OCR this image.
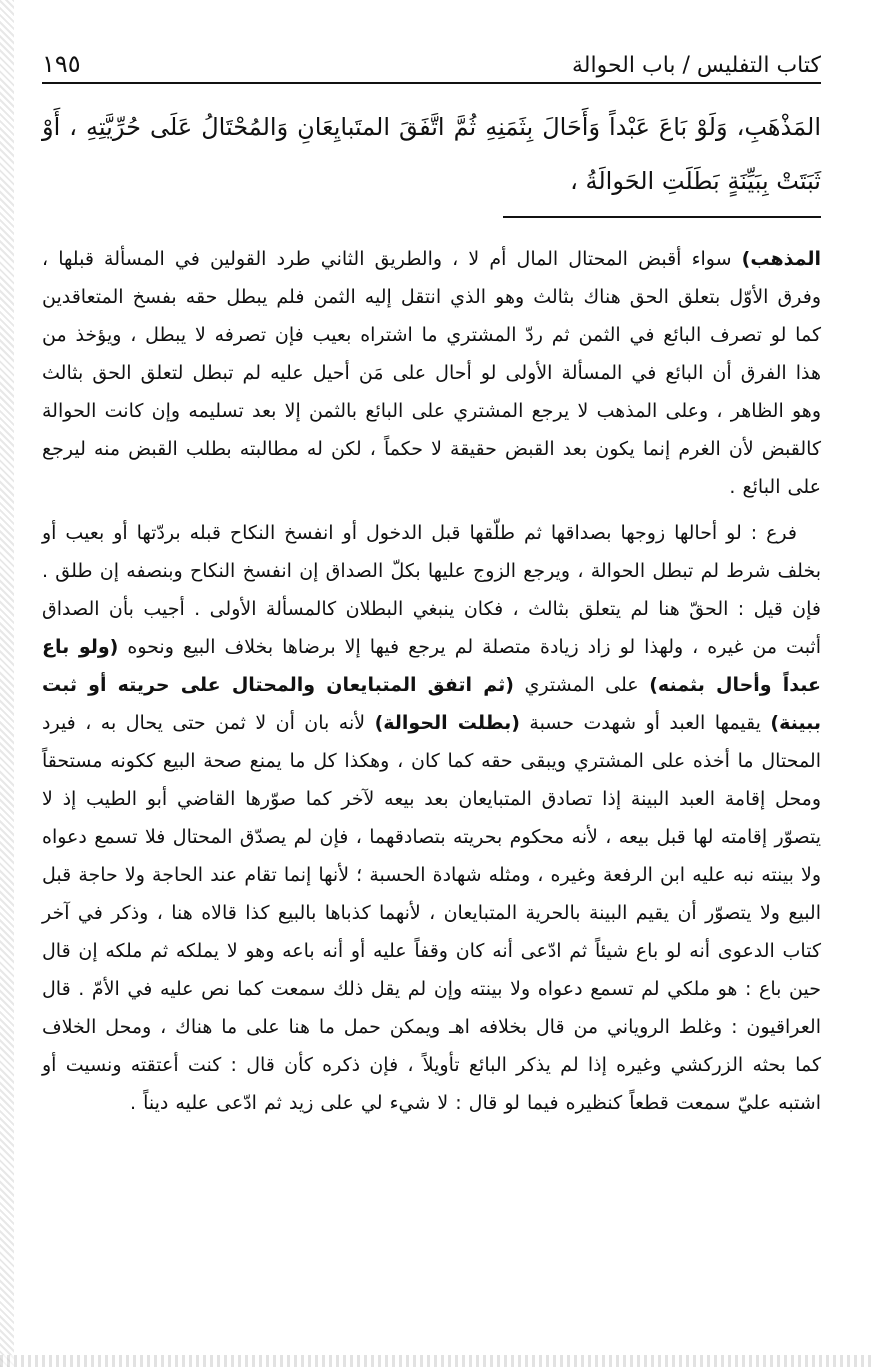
كتاب التفليس / باب الحوالة
١٩٥

المَذْهَبِ، وَلَوْ بَاعَ عَبْداً وَأَحَالَ بِثَمَنِهِ ثُمَّ اتَّفَقَ المتَبايِعَانِ وَالمُحْتَالُ عَلَى حُرِّيَّتِهِ ، أَوْ ثَبَتَتْ بِبَيِّنَةٍ بَطَلَتِ الحَوالَةُ ،

المذهب) سواء أقبض المحتال المال أم لا ، والطريق الثاني طرد القولين في المسألة قبلها ، وفرق الأوّل بتعلق الحق هناك بثالث وهو الذي انتقل إليه الثمن فلم يبطل حقه بفسخ المتعاقدين كما لو تصرف البائع في الثمن ثم ردّ المشتري ما اشتراه بعيب فإن تصرفه لا يبطل ، ويؤخذ من هذا الفرق أن البائع في المسألة الأولى لو أحال على مَن أحيل عليه لم تبطل لتعلق الحق بثالث وهو الظاهر ، وعلى المذهب لا يرجع المشتري على البائع بالثمن إلا بعد تسليمه وإن كانت الحوالة كالقبض لأن الغرم إنما يكون بعد القبض حقيقة لا حكماً ، لكن له مطالبته بطلب القبض منه ليرجع على البائع .

فرع : لو أحالها زوجها بصداقها ثم طلّقها قبل الدخول أو انفسخ النكاح قبله بردّتها أو بعيب أو بخلف شرط لم تبطل الحوالة ، ويرجع الزوج عليها بكلّ الصداق إن انفسخ النكاح وبنصفه إن طلق . فإن قيل : الحقّ هنا لم يتعلق بثالث ، فكان ينبغي البطلان كالمسألة الأولى . أجيب بأن الصداق أثبت من غيره ، ولهذا لو زاد زيادة متصلة لم يرجع فيها إلا برضاها بخلاف البيع ونحوه (ولو باع عبداً وأحال بثمنه) على المشتري (ثم اتفق المتبايعان والمحتال على حريته أو ثبت ببينة) يقيمها العبد أو شهدت حسبة (بطلت الحوالة) لأنه بان أن لا ثمن حتى يحال به ، فيرد المحتال ما أخذه على المشتري ويبقى حقه كما كان ، وهكذا كل ما يمنع صحة البيع ككونه مستحقاً ومحل إقامة العبد البينة إذا تصادق المتبايعان بعد بيعه لآخر كما صوّرها القاضي أبو الطيب إذ لا يتصوّر إقامته لها قبل بيعه ، لأنه محكوم بحريته بتصادقهما ، فإن لم يصدّق المحتال فلا تسمع دعواه ولا بينته نبه عليه ابن الرفعة وغيره ، ومثله شهادة الحسبة ؛ لأنها إنما تقام عند الحاجة ولا حاجة قبل البيع ولا يتصوّر أن يقيم البينة بالحرية المتبايعان ، لأنهما كذباها بالبيع كذا قالاه هنا ، وذكر في آخر كتاب الدعوى أنه لو باع شيئاً ثم ادّعى أنه كان وقفاً عليه أو أنه باعه وهو لا يملكه ثم ملكه إن قال حين باع : هو ملكي لم تسمع دعواه ولا بينته وإن لم يقل ذلك سمعت كما نص عليه في الأمّ . قال العراقيون : وغلط الروياني من قال بخلافه اهـ ويمكن حمل ما هنا على ما هناك ، ومحل الخلاف كما بحثه الزركشي وغيره إذا لم يذكر البائع تأويلاً ، فإن ذكره كأن قال : كنت أعتقته ونسيت أو اشتبه عليّ سمعت قطعاً كنظيره فيما لو قال : لا شيء لي على زيد ثم ادّعى عليه ديناً .
